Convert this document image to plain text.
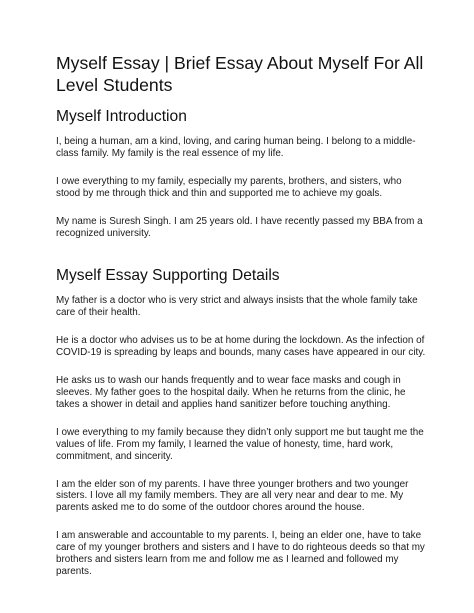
Myself Essay | Brief Essay About Myself For All Level Students
Myself Introduction

I, being a human, am a kind, loving, and caring human being. I belong to a middle-class family. My family is the real essence of my life.

I owe everything to my family, especially my parents, brothers, and sisters, who stood by me through thick and thin and supported me to achieve my goals.

My name is Suresh Singh. I am 25 years old. I have recently passed my BBA from a recognized university.

Myself Essay Supporting Details

My father is a doctor who is very strict and always insists that the whole family take care of their health.

He is a doctor who advises us to be at home during the lockdown. As the infection of COVID-19 is spreading by leaps and bounds, many cases have appeared in our city.

He asks us to wash our hands frequently and to wear face masks and cough in sleeves. My father goes to the hospital daily. When he returns from the clinic, he takes a shower in detail and applies hand sanitizer before touching anything.

I owe everything to my family because they didn’t only support me but taught me the values of life. From my family, I learned the value of honesty, time, hard work, commitment, and sincerity.

I am the elder son of my parents. I have three younger brothers and two younger sisters. I love all my family members. They are all very near and dear to me. My parents asked me to do some of the outdoor chores around the house.

I am answerable and accountable to my parents. I, being an elder one, have to take care of my younger brothers and sisters and I have to do righteous deeds so that my brothers and sisters learn from me and follow me as I learned and followed my parents.
